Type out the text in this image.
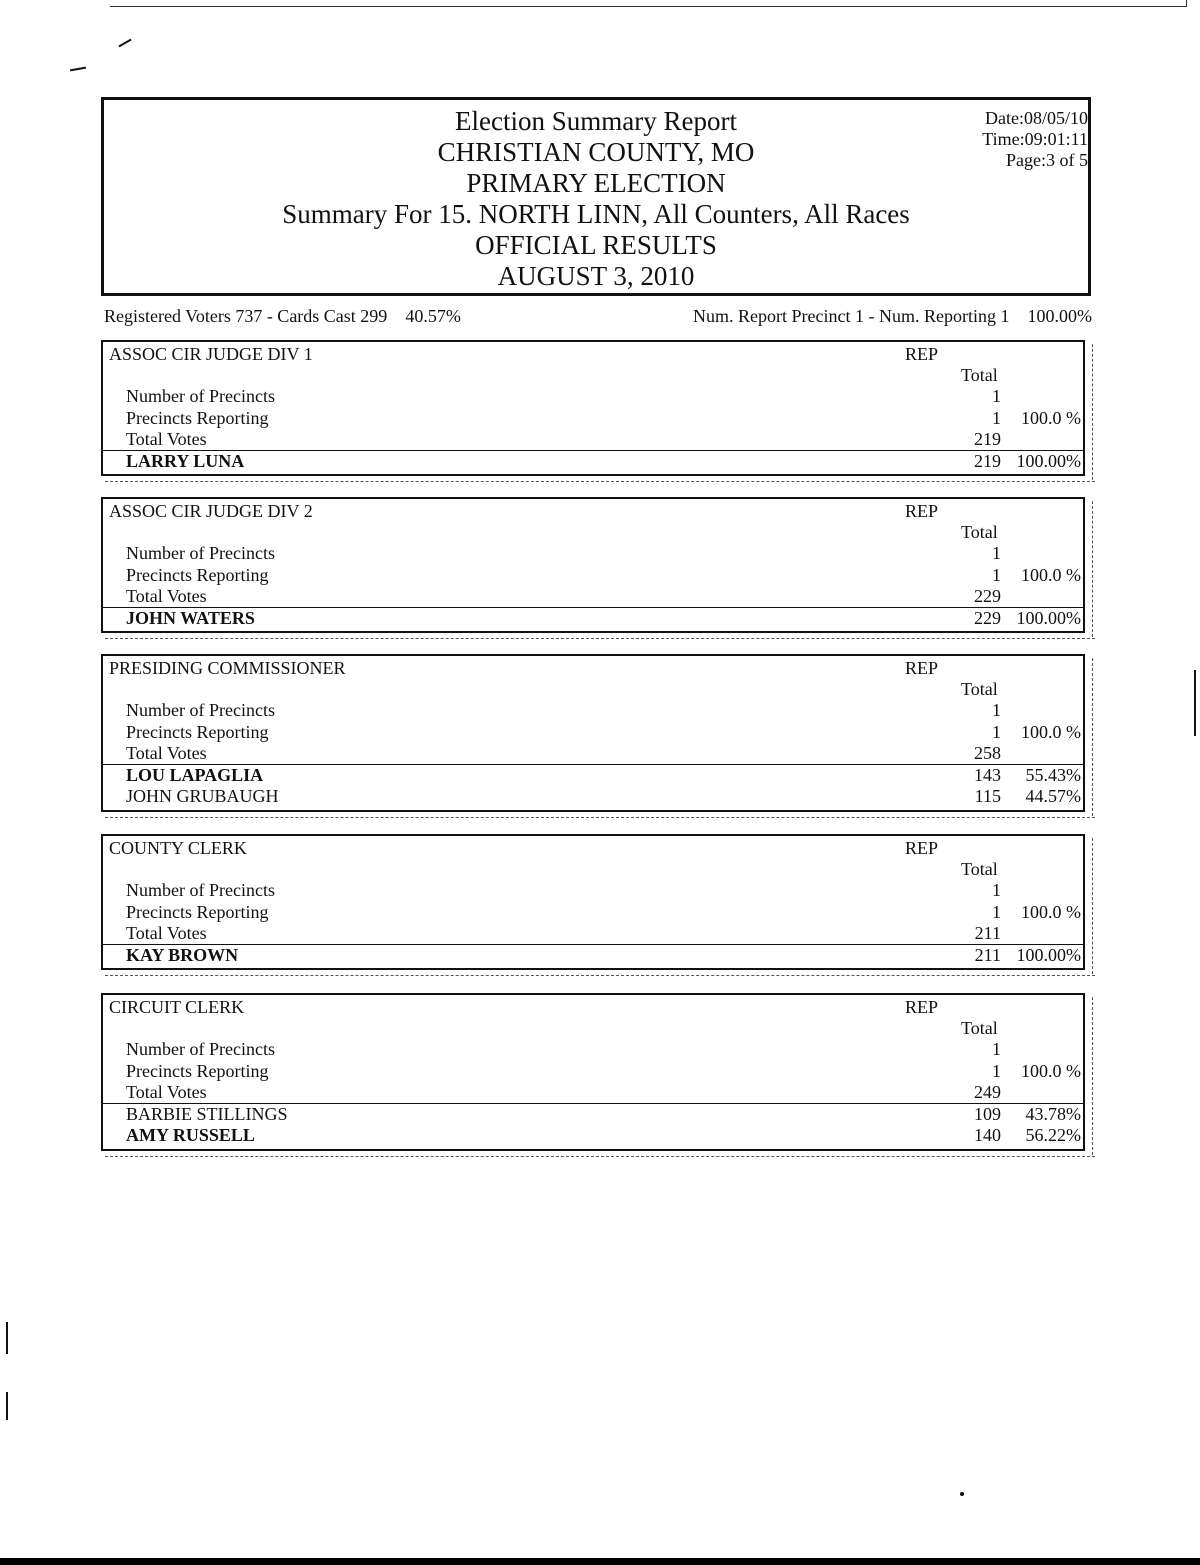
Election Summary Report
CHRISTIAN COUNTY, MO
PRIMARY ELECTION
Summary For 15. NORTH LINN, All Counters, All Races
OFFICIAL RESULTS
AUGUST 3, 2010
Date:08/05/10
Time:09:01:11
Page:3 of 5
Registered Voters 737 - Cards Cast 299 40.57%	Num. Report Precinct 1 - Num. Reporting 1 100.00%
ASSOC CIR JUDGE DIV 1	REP
Total
Number of Precincts	1
Precincts Reporting	1 100.0 %
Total Votes	219
LARRY LUNA	219 100.00%
ASSOC CIR JUDGE DIV 2	REP
Total
Number of Precincts	1
Precincts Reporting	1 100.0 %
Total Votes	229
JOHN WATERS	229 100.00%
PRESIDING COMMISSIONER	REP
Total
Number of Precincts	1
Precincts Reporting	1 100.0 %
Total Votes	258
LOU LAPAGLIA	143 55.43%
JOHN GRUBAUGH	115 44.57%
COUNTY CLERK	REP
Total
Number of Precincts	1
Precincts Reporting	1 100.0 %
Total Votes	211
KAY BROWN	211 100.00%
CIRCUIT CLERK	REP
Total
Number of Precincts	1
Precincts Reporting	1 100.0 %
Total Votes	249
BARBIE STILLINGS	109 43.78%
AMY RUSSELL	140 56.22%
